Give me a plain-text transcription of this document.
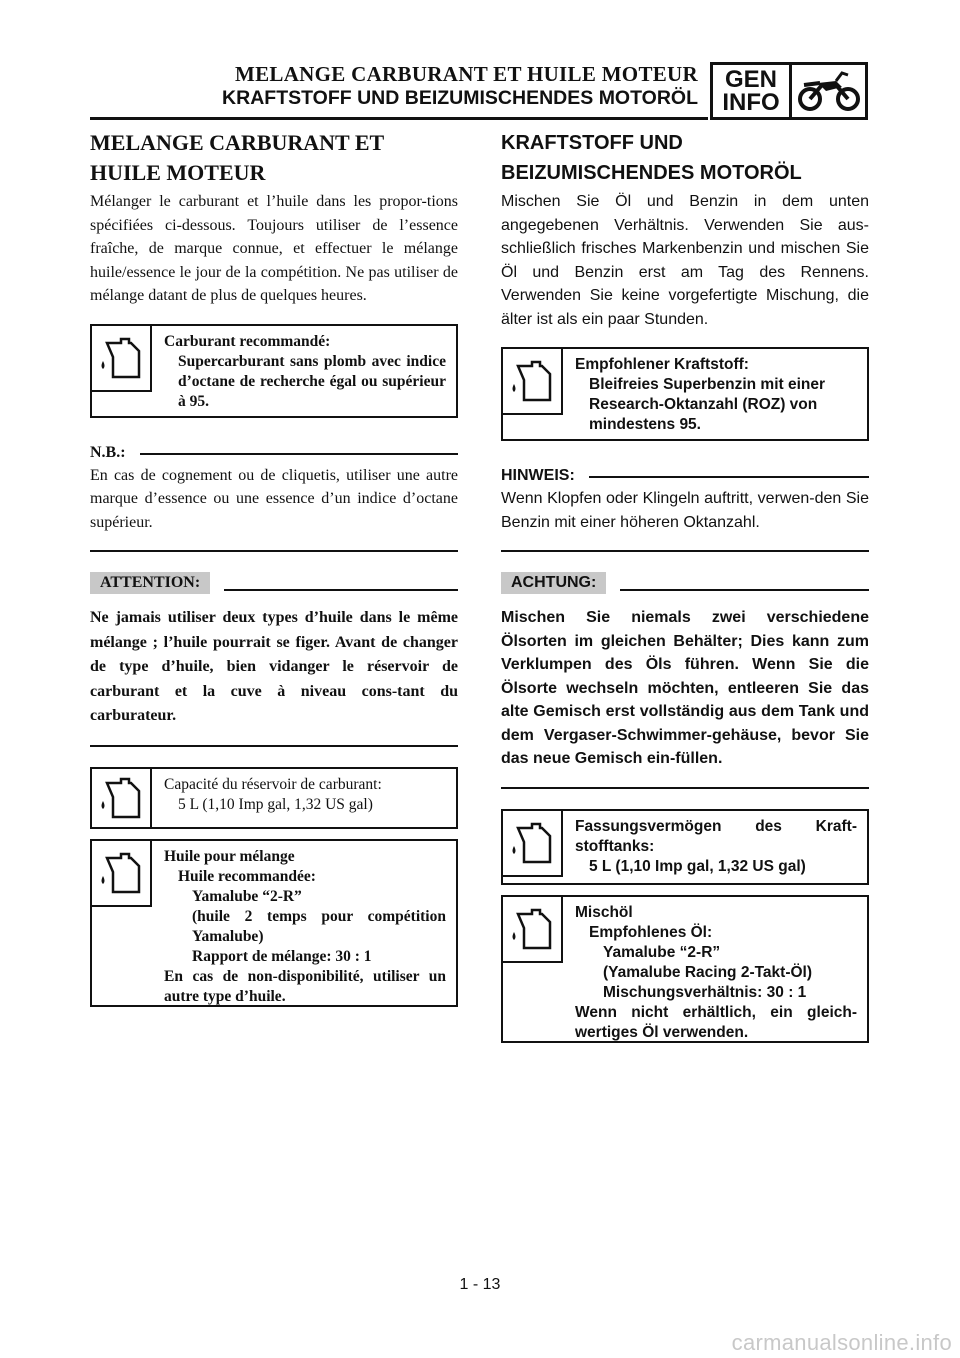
MELANGE CARBURANT ET HUILE MOTEUR
KRAFTSTOFF UND BEIZUMISCHENDES MOTORÖL
GEN
INFO
MELANGE CARBURANT ET
HUILE MOTEUR

Mélanger le carburant et l’huile dans les propor-tions spécifiées ci-dessous. Toujours utiliser de l’essence fraîche, de marque connue, et effectuer le mélange huile/essence le jour de la compétition. Ne pas utiliser de mélange datant de plus de quelques heures.

Carburant recommandé:
Supercarburant sans plomb avec indice d’octane de recherche égal ou supérieur à 95.
N.B.:

En cas de cognement ou de cliquetis, utiliser une autre marque d’essence ou une essence d’un indice d’octane supérieur.

ATTENTION:

Ne jamais utiliser deux types d’huile dans le même mélange ; l’huile pourrait se figer. Avant de changer de type d’huile, bien vidanger le réservoir de carburant et la cuve à niveau cons-tant du carburateur.

Capacité du réservoir de carburant:
5 L (1,10 Imp gal, 1,32 US gal)
Huile pour mélange
Huile recommandée:
Yamalube “2-R”
(huile 2 temps pour compétition Yamalube)
Rapport de mélange: 30 : 1
En cas de non-disponibilité, utiliser un autre type d’huile.
KRAFTSTOFF UND
BEIZUMISCHENDES MOTORÖL

Mischen Sie Öl und Benzin in dem unten angegebenen Verhältnis. Verwenden Sie aus-schließlich frisches Markenbenzin und mischen Sie Öl und Benzin erst am Tag des Rennens. Verwenden Sie keine vorgefertigte Mischung, die älter ist als ein paar Stunden.

Empfohlener Kraftstoff:
Bleifreies Superbenzin mit einer Research-Oktanzahl (ROZ) von mindestens 95.
HINWEIS:

Wenn Klopfen oder Klingeln auftritt, verwen-den Sie Benzin mit einer höheren Oktanzahl.

ACHTUNG:

Mischen Sie niemals zwei verschiedene Ölsorten im gleichen Behälter; Dies kann zum Verklumpen des Öls führen. Wenn Sie die Ölsorte wechseln möchten, entleeren Sie das alte Gemisch erst vollständig aus dem Tank und dem Vergaser-Schwimmer-gehäuse, bevor Sie das neue Gemisch ein-füllen.

Fassungsvermögen des Kraft-stofftanks:
5 L (1,10 Imp gal, 1,32 US gal)
Mischöl
Empfohlenes Öl:
Yamalube “2-R”
(Yamalube Racing 2-Takt-Öl)
Mischungsverhältnis: 30 : 1
Wenn nicht erhältlich, ein gleich-wertiges Öl verwenden.
1 - 13
carmanualsonline.info
